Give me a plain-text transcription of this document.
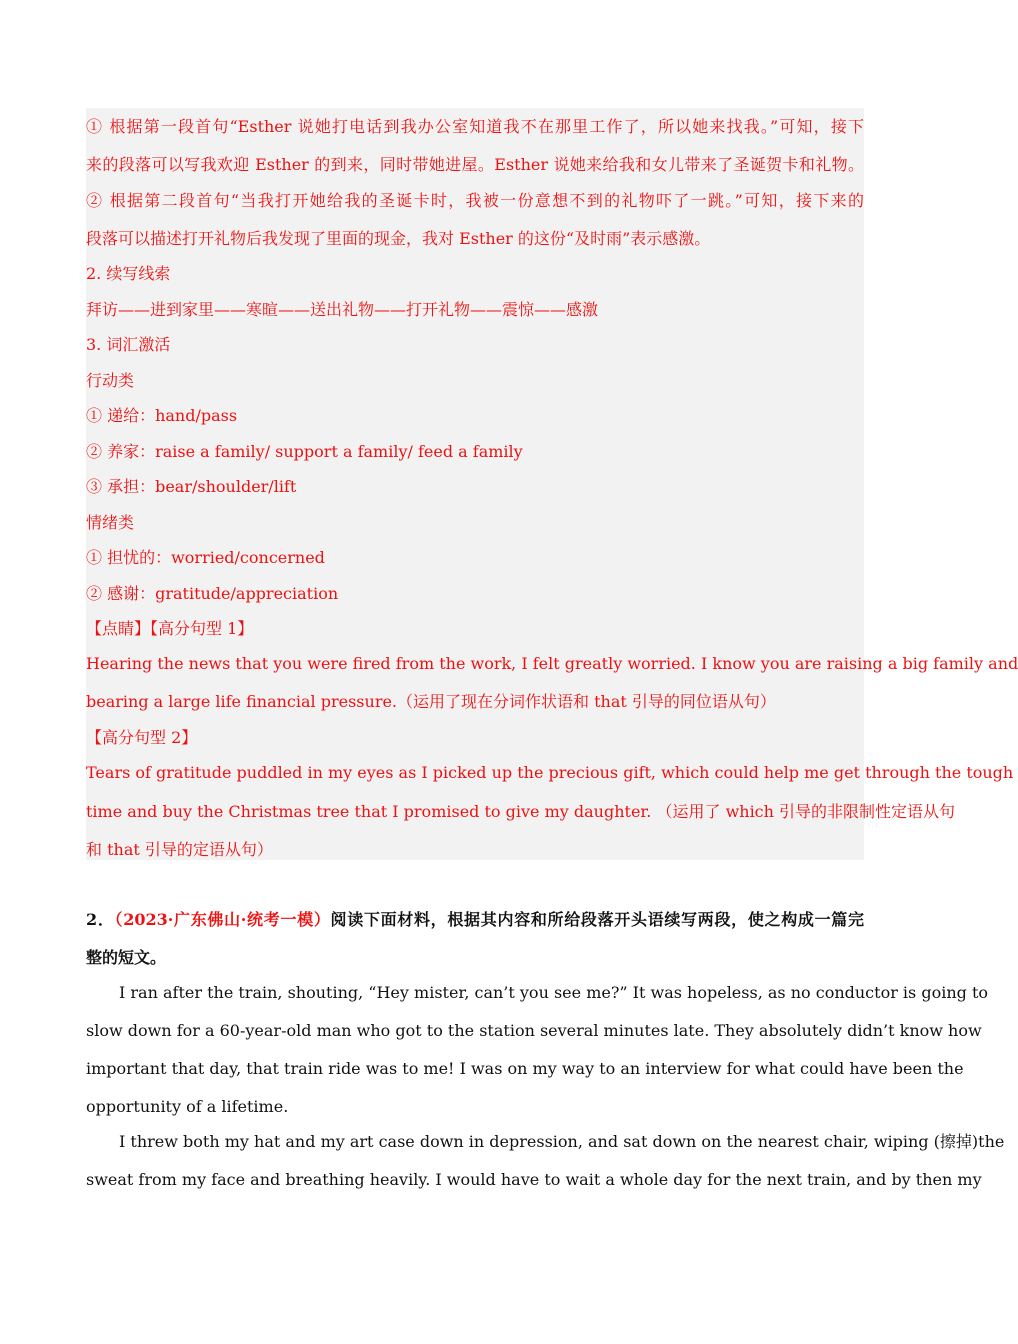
① 根据第一段首句“Esther 说她打电话到我办公室知道我不在那里工作了，所以她来找我。”可知，接下

来的段落可以写我欢迎 Esther 的到来，同时带她进屋。Esther 说她来给我和女儿带来了圣诞贺卡和礼物。

② 根据第二段首句“当我打开她给我的圣诞卡时，我被一份意想不到的礼物吓了一跳。”可知，接下来的

段落可以描述打开礼物后我发现了里面的现金，我对 Esther 的这份“及时雨”表示感激。

2. 续写线索

拜访——进到家里——寒暄——送出礼物——打开礼物——震惊——感激

3. 词汇激活

行动类

① 递给：hand/pass

② 养家：raise a family/ support a family/ feed a family

③ 承担：bear/shoulder/lift

情绪类

① 担忧的：worried/concerned

② 感谢：gratitude/appreciation

【点睛】【高分句型 1】

Hearing the news that you were fired from the work, I felt greatly worried. I know you are raising a big family and

bearing a large life financial pressure.（运用了现在分词作状语和 that 引导的同位语从句）

【高分句型 2】

Tears of gratitude puddled in my eyes as I picked up the precious gift, which could help me get through the tough

time and buy the Christmas tree that I promised to give my daughter. （运用了 which 引导的非限制性定语从句

和 that 引导的定语从句）

2．（2023·广东佛山·统考一模）阅读下面材料，根据其内容和所给段落开头语续写两段，使之构成一篇完

整的短文。

I ran after the train, shouting, “Hey mister, can’t you see me?” It was hopeless, as no conductor is going to

slow down for a 60-year-old man who got to the station several minutes late. They absolutely didn’t know how

important that day, that train ride was to me! I was on my way to an interview for what could have been the

opportunity of a lifetime.

I threw both my hat and my art case down in depression, and sat down on the nearest chair, wiping (擦掉)the

sweat from my face and breathing heavily. I would have to wait a whole day for the next train, and by then my
